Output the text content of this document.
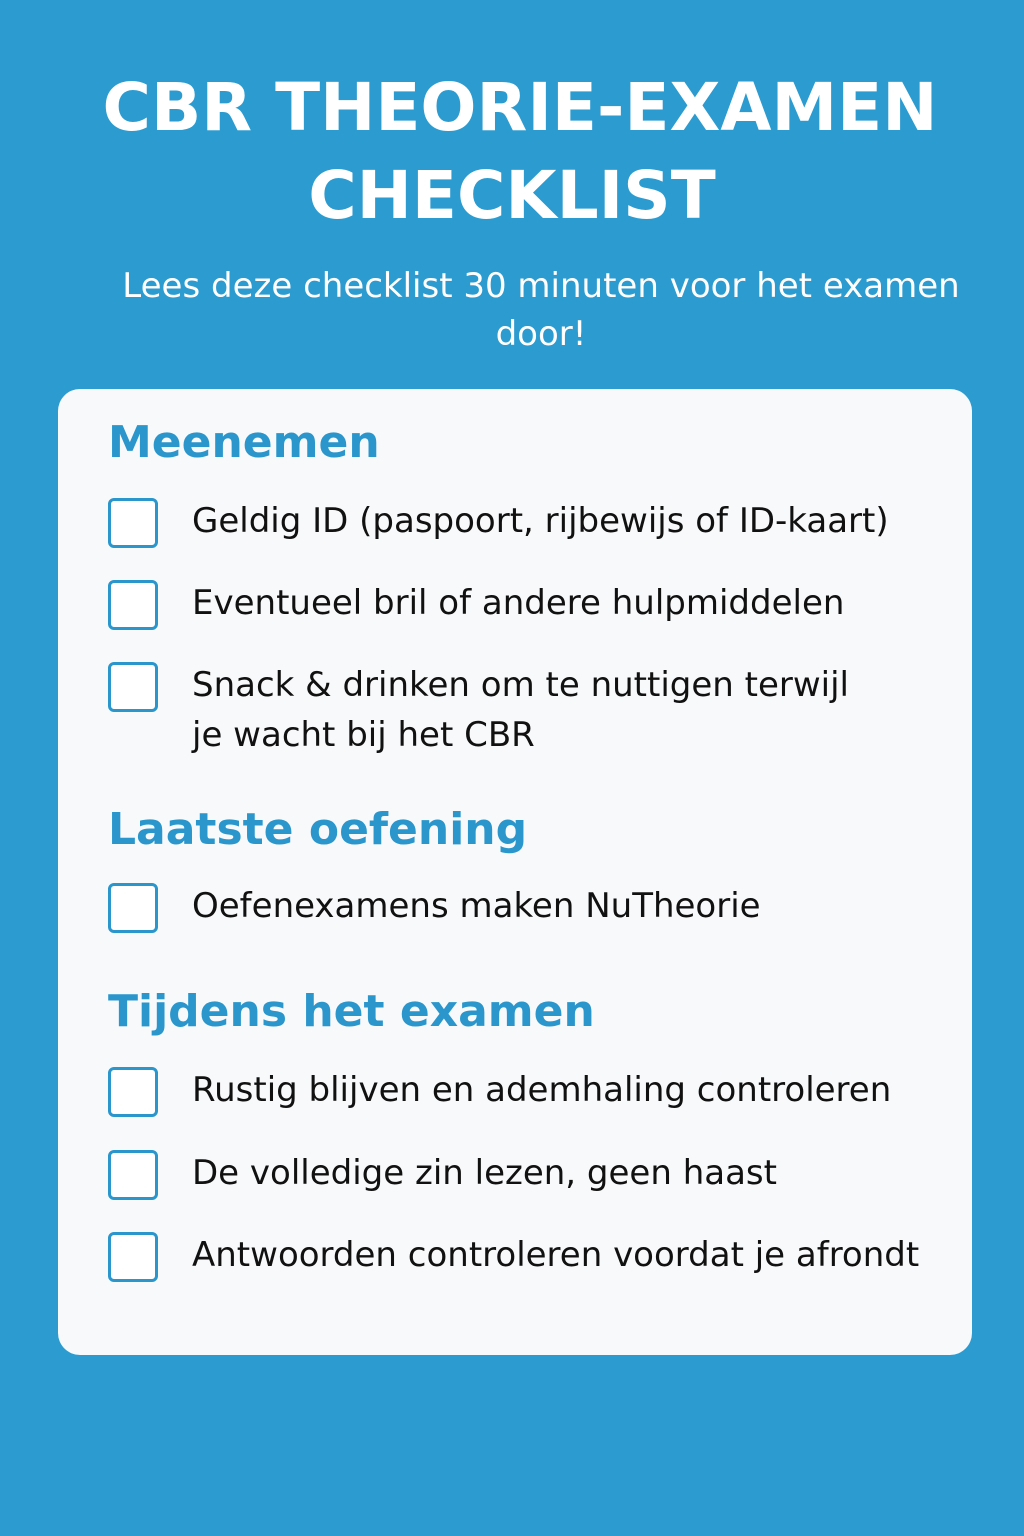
CBR THEORIE-EXAMEN
CHECKLIST

Lees deze checklist 30 minuten voor het examen door!

Meenemen
Geldig ID (paspoort, rijbewijs of ID-kaart)
Eventueel bril of andere hulpmiddelen
Snack & drinken om te nuttigen terwijl je wacht bij het CBR
Laatste oefening
Oefenexamens maken NuTheorie
Tijdens het examen
Rustig blijven en ademhaling controleren
De volledige zin lezen, geen haast
Antwoorden controleren voordat je afrondt
